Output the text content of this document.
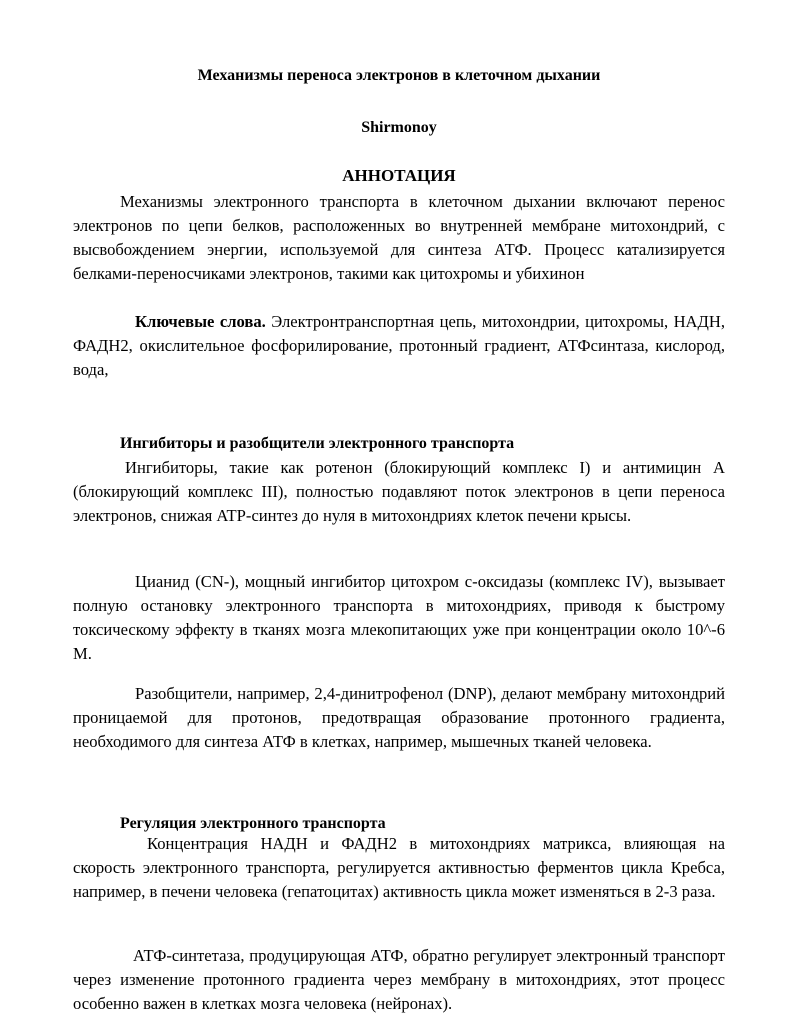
Механизмы переноса электронов в клеточном дыхании

Shirmonoy

АННОТАЦИЯ

Механизмы электронного транспорта в клеточном дыхании включают перенос электронов по цепи белков, расположенных во внутренней мембране митохондрий, с высвобождением энергии, используемой для синтеза АТФ. Процесс катализируется белками-переносчиками электронов, такими как цитохромы и убихинон

Ключевые слова. Электронтранспортная цепь, митохондрии, цитохромы, НАДН, ФАДН2, окислительное фосфорилирование, протонный градиент, АТФсинтаза, кислород, вода,

Ингибиторы и разобщители электронного транспорта

Ингибиторы, такие как ротенон (блокирующий комплекс I) и антимицин А (блокирующий комплекс III), полностью подавляют поток электронов в цепи переноса электронов, снижая ATP-синтез до нуля в митохондриях клеток печени крысы.

Цианид (CN-), мощный ингибитор цитохром с-оксидазы (комплекс IV), вызывает полную остановку электронного транспорта в митохондриях, приводя к быстрому токсическому эффекту в тканях мозга млекопитающих уже при концентрации около 10^-6 М.

Разобщители, например, 2,4-динитрофенол (DNP), делают мембрану митохондрий проницаемой для протонов, предотвращая образование протонного градиента, необходимого для синтеза АТФ в клетках, например, мышечных тканей человека.

Регуляция электронного транспорта

Концентрация НАДН и ФАДН2 в митохондриях матрикса, влияющая на скорость электронного транспорта, регулируется активностью ферментов цикла Кребса, например, в печени человека (гепатоцитах) активность цикла может изменяться в 2-3 раза.

АТФ-синтетаза, продуцирующая АТФ, обратно регулирует электронный транспорт через изменение протонного градиента через мембрану в митохондриях, этот процесс особенно важен в клетках мозга человека (нейронах).
